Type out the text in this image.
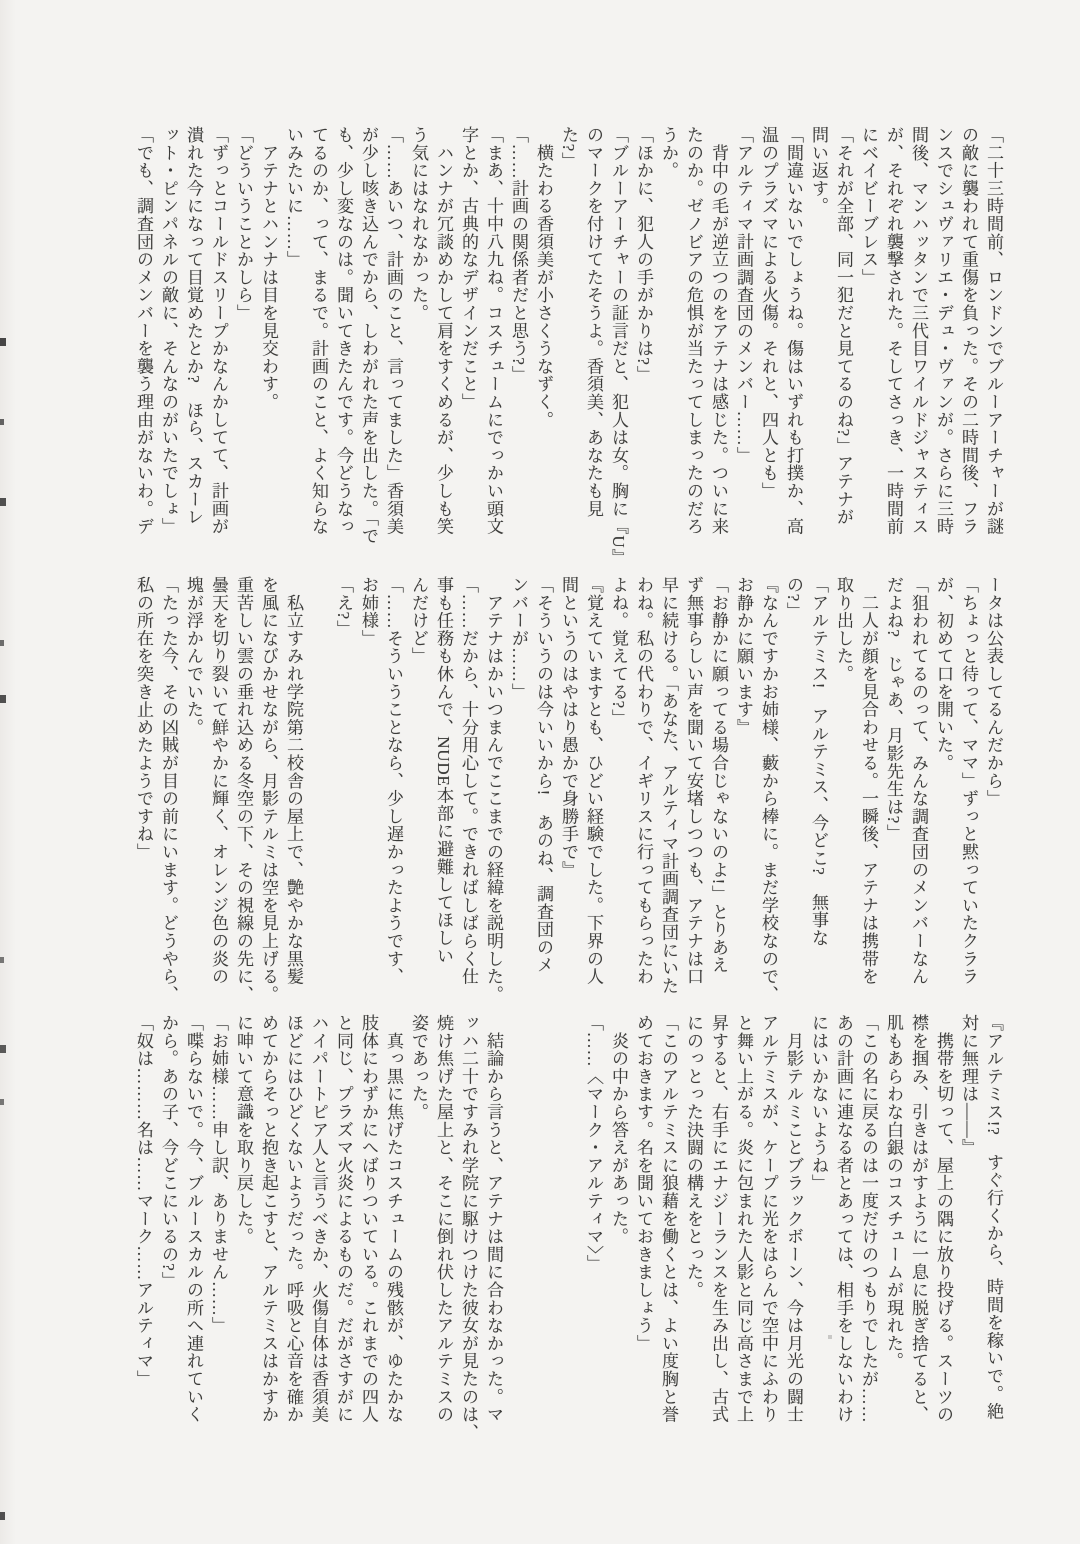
「二十三時間前、ロンドンでブルーアーチャーが謎
の敵に襲われて重傷を負った。その二時間後、フラ
ンスでシュヴァリエ・デュ・ヴァンが。さらに三時
間後、マンハッタンで三代目ワイルドジャスティス
が、それぞれ襲撃された。そしてさっき、一時間前
にベイビーブレス」
「それが全部、同一犯だと見てるのね?」アテナが
問い返す。
「間違いないでしょうね。傷はいずれも打撲か、高
温のプラズマによる火傷。それと、四人とも」
「アルティマ計画調査団のメンバー……」
　背中の毛が逆立つのをアテナは感じた。ついに来
たのか。ゼノビアの危惧が当たってしまったのだろ
うか。
「ほかに、犯人の手がかりは?」
「ブルーアーチャーの証言だと、犯人は女。胸に『U』
のマークを付けてたそうよ。香須美、あなたも見
た?」
　横たわる香須美が小さくうなずく。
「……計画の関係者だと思う?」
「まあ、十中八九ね。コスチュームにでっかい頭文
字とか、古典的なデザインだこと」
　ハンナが冗談めかして肩をすくめるが、少しも笑
う気にはなれなかった。
「……あいつ、計画のこと、言ってました」香須美
が少し咳き込んでから、しわがれた声を出した。「で
も、少し変なのは。聞いてきたんです。今どうなっ
てるのか、って、まるで。計画のこと、よく知らな
いみたいに……」
　アテナとハンナは目を見交わす。
「どういうことかしら」
「ずっとコールドスリープかなんかしてて、計画が
潰れた今になって目覚めたとか?　ほら、スカーレ
ット・ピンパネルの敵に、そんなのがいたでしょ」
「でも、調査団のメンバーを襲う理由がないわ。デ
ータは公表してるんだから」
「ちょっと待って、ママ」ずっと黙っていたクララ
が、初めて口を開いた。
「狙われてるのって、みんな調査団のメンバーなん
だよね?　じゃあ、月影先生は?」
　二人が顔を見合わせる。一瞬後、アテナは携帯を
取り出した。
「アルテミス!　アルテミス、今どこ?　無事な
の?」
『なんですかお姉様、藪から棒に。まだ学校なので、
お静かに願います』
「お静かに願ってる場合じゃないのよ!」とりあえ
ず無事らしい声を聞いて安堵しつつも、アテナは口
早に続ける。「あなた、アルティマ計画調査団にいた
わね。私の代わりで、イギリスに行ってもらったわ
よね。覚えてる?」
『覚えていますとも、ひどい経験でした。下界の人
間というのはやはり愚かで身勝手で』
「そういうのは今いいから!　あのね、調査団のメ
ンバーが……」
　アテナはかいつまんでここまでの経緯を説明した。
「……だから、十分用心して。できればしばらく仕
事も任務も休んで、NUDE本部に避難してほしい
んだけど」
「……そういうことなら、少し遅かったようです、
お姉様」
「え?」
　私立すみれ学院第二校舎の屋上で、艶やかな黒髪
を風になびかせながら、月影テルミは空を見上げる。
重苦しい雲の垂れ込める冬空の下、その視線の先に、
曇天を切り裂いて鮮やかに輝く、オレンジ色の炎の
塊が浮かんでいた。
「たった今、その凶賊が目の前にいます。どうやら、
私の所在を突き止めたようですね」
『アルテミス!?　すぐ行くから、時間を稼いで。絶
対に無理は――』
　携帯を切って、屋上の隅に放り投げる。スーツの
襟を掴み、引きはがすように一息に脱ぎ捨てると、
肌もあらわな白銀のコスチュームが現れた。
「この名に戻るのは一度だけのつもりでしたが……
あの計画に連なる者とあっては、相手をしないわけ
にはいかないようね」
　月影テルミことブラックボーン、今は月光の闘士
アルテミスが、ケープに光をはらんで空中にふわり
と舞い上がる。炎に包まれた人影と同じ高さまで上
昇すると、右手にエナジーランスを生み出し、古式
にのっとった決闘の構えをとった。
「このアルテミスに狼藉を働くとは、よい度胸と誉
めておきます。名を聞いておきましょう」
　炎の中から答えがあった。
「……〈マーク・アルティマ〉」
　結論から言うと、アテナは間に合わなかった。マ
ッハ二十ですみれ学院に駆けつけた彼女が見たのは、
焼け焦げた屋上と、そこに倒れ伏したアルテミスの
姿であった。
　真っ黒に焦げたコスチュームの残骸が、ゆたかな
肢体にわずかにへばりついている。これまでの四人
と同じ、プラズマ火炎によるものだ。だがさすがに
ハイパートピア人と言うべきか、火傷自体は香須美
ほどにはひどくないようだった。呼吸と心音を確か
めてからそっと抱き起こすと、アルテミスはかすか
に呻いて意識を取り戻した。
「お姉様……申し訳、ありません……」
「喋らないで。今、ブルースカルの所へ連れていく
から。あの子、今どこにいるの?」
「奴は………名は……マーク……アルティマ」
